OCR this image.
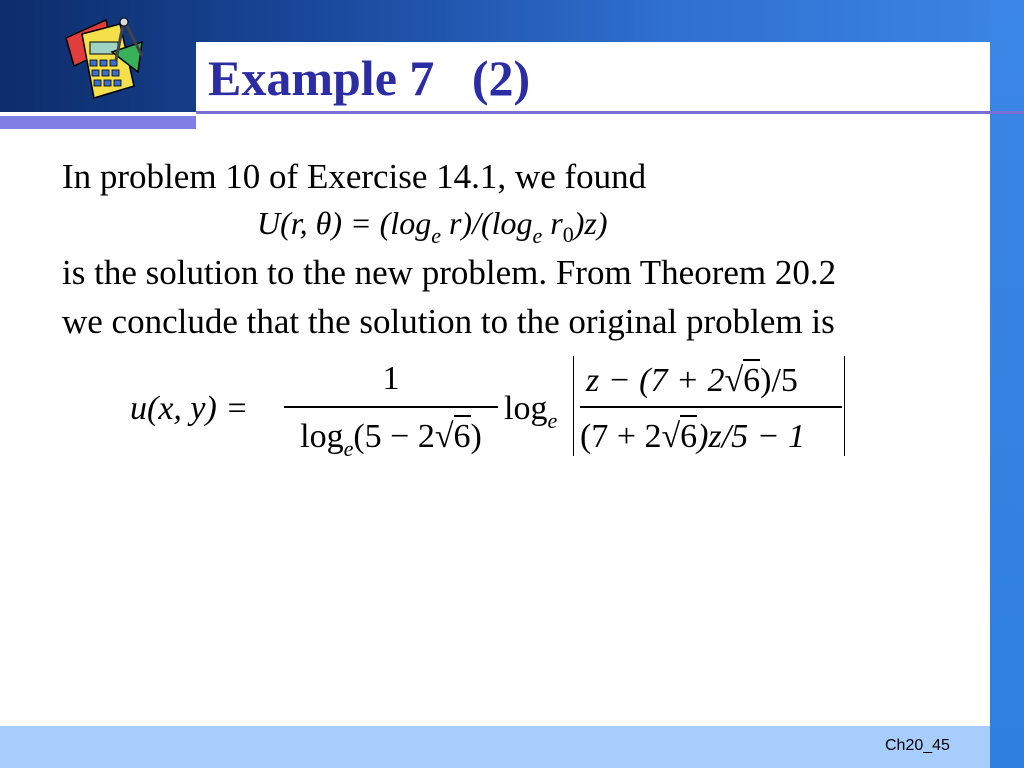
Example 7   (2)
In problem 10 of Exercise 14.1, we found
U(r, $\theta) = (\log_e$ $r)/(\log_e$ $r_0)z$)
is the solution to the new problem. From Theorem 20.2
we conclude that the solution to the original problem is
u(x, y) =
1
$\log_e(5 - 2√6)$
$\log_e$
z − (7 + 2√6)/5
(7 + 2√6)z/5 − 1
Ch20_45
